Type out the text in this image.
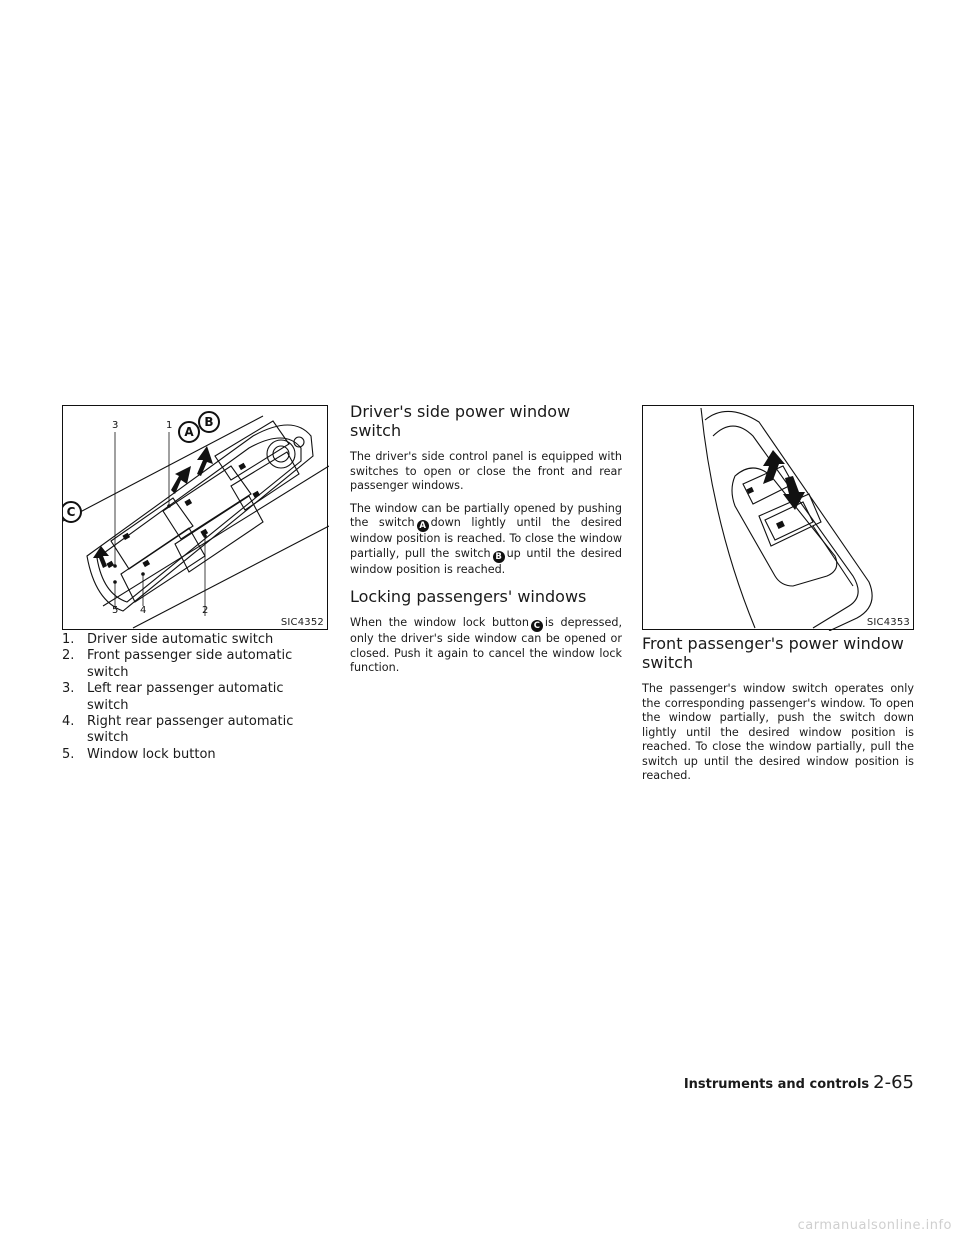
3	1
2
4
5
A
B
C
SIC4352
1. Driver side automatic switch
2. Front passenger side automatic switch
3. Left rear passenger automatic switch
4. Right rear passenger automatic switch
5. Window lock button
Driver's side power window switch

The driver's side control panel is equipped with switches to open or close the front and rear passenger windows.

The window can be partially opened by pushing the switch A down lightly until the desired window position is reached. To close the window partially, pull the switch B up until the desired window position is reached.

Locking passengers' windows

When the window lock button C is depressed, only the driver's side window can be opened or closed. Push it again to cancel the window lock function.

SIC4353
Front passenger's power window switch

The passenger's window switch operates only the corresponding passenger's window. To open the window partially, push the switch down lightly until the desired window position is reached. To close the window partially, pull the switch up until the desired window position is reached.

Instruments and controls 2-65
carmanualsonline.info
